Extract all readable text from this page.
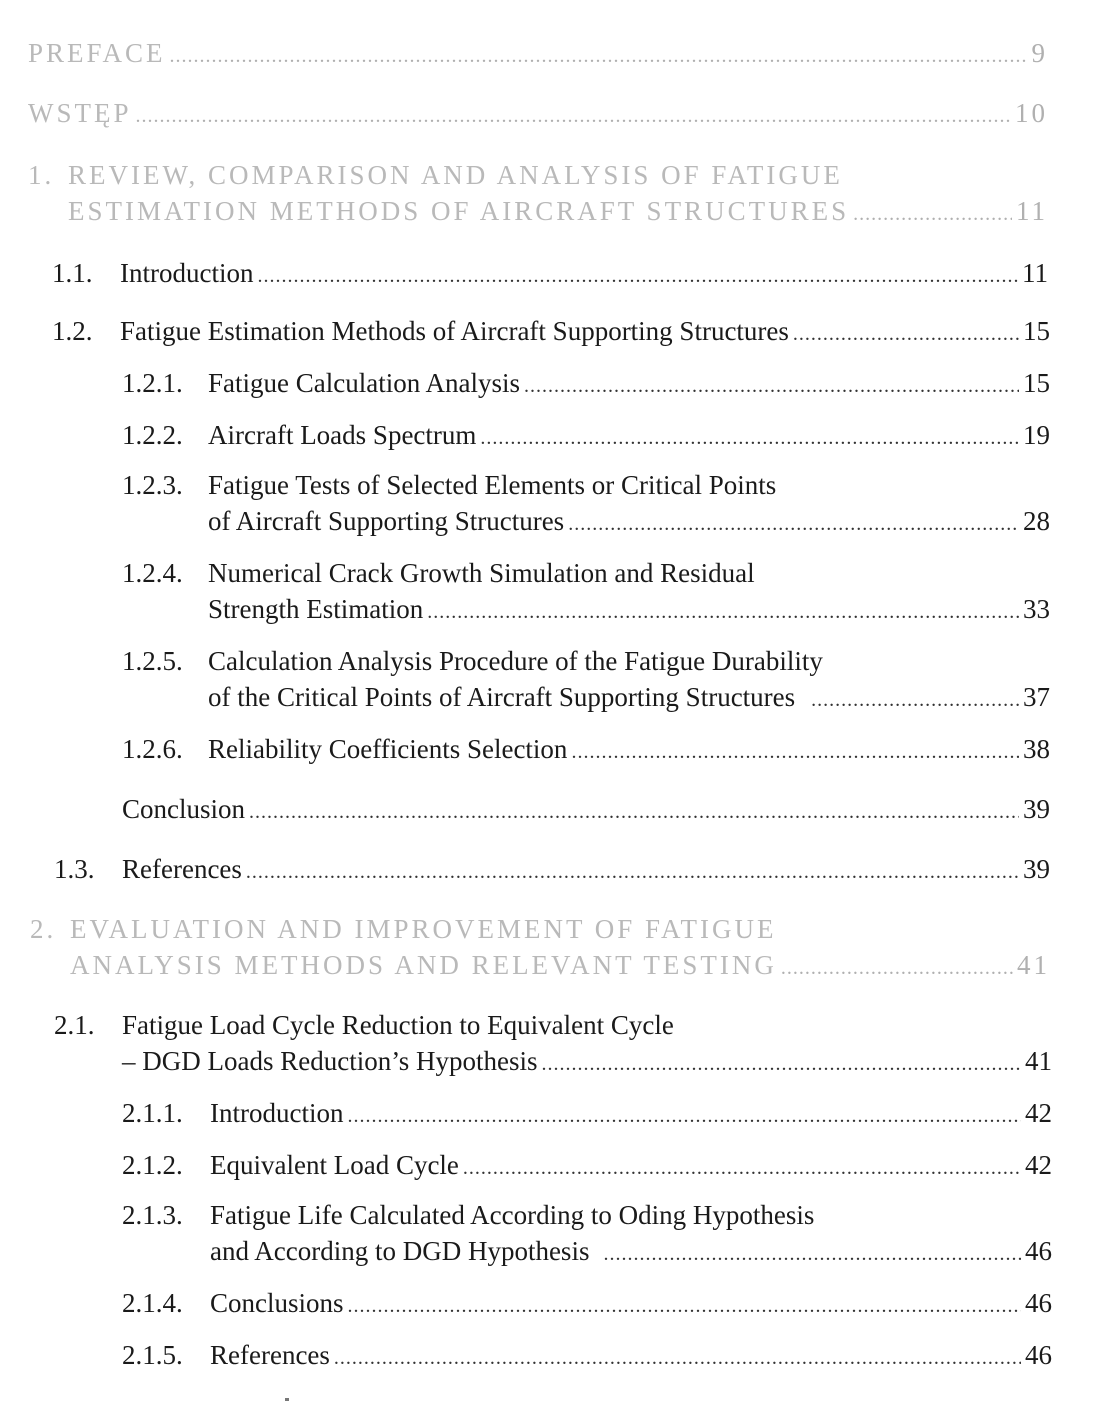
PREFACE . . .	9
WSTĘP . . .	10
1. REVIEW, COMPARISON AND ANALYSIS OF FATIGUE
ESTIMATION METHODS OF AIRCRAFT STRUCTURES . . .	11
1.1. Introduction . . .	11
1.2. Fatigue Estimation Methods of Aircraft Supporting Structures . . .	15
1.2.1. Fatigue Calculation Analysis . . .	15
1.2.2. Aircraft Loads Spectrum . . .	19
1.2.3. Fatigue Tests of Selected Elements or Critical Points
of Aircraft Supporting Structures . . .	28
1.2.4. Numerical Crack Growth Simulation and Residual
Strength Estimation . . .	33
1.2.5. Calculation Analysis Procedure of the Fatigue Durability
of the Critical Points of Aircraft Supporting Structures . . .	37
1.2.6. Reliability Coefficients Selection . . .	38
Conclusion . . .	39
1.3. References . . .	39
2. EVALUATION AND IMPROVEMENT OF FATIGUE
ANALYSIS METHODS AND RELEVANT TESTING . . .	41
2.1. Fatigue Load Cycle Reduction to Equivalent Cycle
– DGD Loads Reduction’s Hypothesis . . .	41
2.1.1. Introduction . . .	42
2.1.2. Equivalent Load Cycle . . .	42
2.1.3. Fatigue Life Calculated According to Oding Hypothesis
and According to DGD Hypothesis . . .	46
2.1.4. Conclusions . . .	46
2.1.5. References . . .	46
